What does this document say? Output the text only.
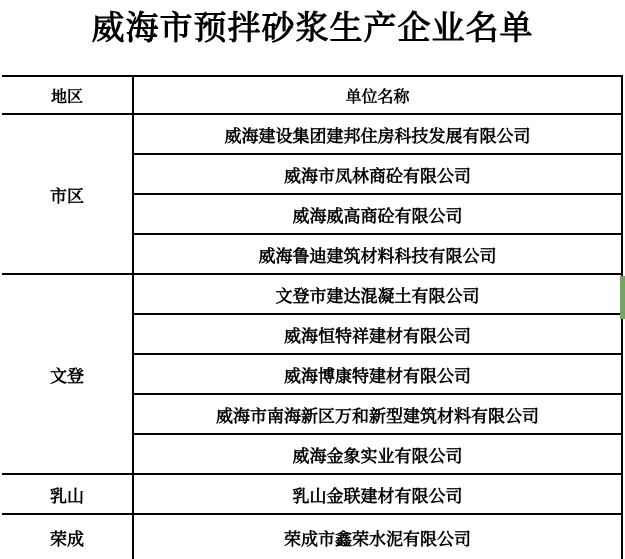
威海市预拌砂浆生产企业名单
地区	单位名称
市区	威海建设集团建邦住房科技发展有限公司
	威海市凤林商砼有限公司
	威海威高商砼有限公司
	威海鲁迪建筑材料科技有限公司
文登	文登市建达混凝土有限公司
	威海恒特祥建材有限公司
	威海博康特建材有限公司
	威海市南海新区万和新型建筑材料有限公司
	威海金象实业有限公司
乳山	乳山金联建材有限公司
荣成	荣成市鑫荣水泥有限公司
